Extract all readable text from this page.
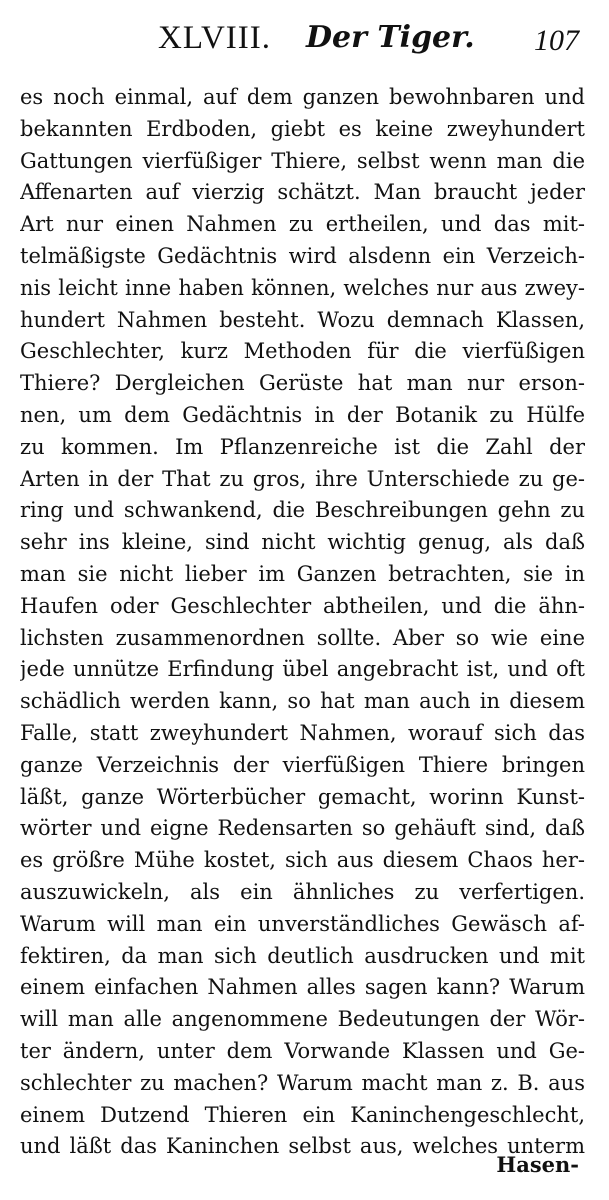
XLVIII. Der Tiger. 107
es noch einmal, auf dem ganzen bewohnbaren und
bekannten Erdboden, giebt es keine zweyhundert
Gattungen vierfüßiger Thiere, selbst wenn man die
Affenarten auf vierzig schätzt. Man braucht jeder
Art nur einen Nahmen zu ertheilen, und das mit-
telmäßigste Gedächtnis wird alsdenn ein Verzeich-
nis leicht inne haben können, welches nur aus zwey-
hundert Nahmen besteht. Wozu demnach Klassen,
Geschlechter, kurz Methoden für die vierfüßigen
Thiere? Dergleichen Gerüste hat man nur erson-
nen, um dem Gedächtnis in der Botanik zu Hülfe
zu kommen. Im Pflanzenreiche ist die Zahl der
Arten in der That zu gros, ihre Unterschiede zu ge-
ring und schwankend, die Beschreibungen gehn zu
sehr ins kleine, sind nicht wichtig genug, als daß
man sie nicht lieber im Ganzen betrachten, sie in
Haufen oder Geschlechter abtheilen, und die ähn-
lichsten zusammenordnen sollte. Aber so wie eine
jede unnütze Erfindung übel angebracht ist, und oft
schädlich werden kann, so hat man auch in diesem
Falle, statt zweyhundert Nahmen, worauf sich das
ganze Verzeichnis der vierfüßigen Thiere bringen
läßt, ganze Wörterbücher gemacht, worinn Kunst-
wörter und eigne Redensarten so gehäuft sind, daß
es größre Mühe kostet, sich aus diesem Chaos her-
auszuwickeln, als ein ähnliches zu verfertigen.
Warum will man ein unverständliches Gewäsch af-
fektiren, da man sich deutlich ausdrucken und mit
einem einfachen Nahmen alles sagen kann? Warum
will man alle angenommene Bedeutungen der Wör-
ter ändern, unter dem Vorwande Klassen und Ge-
schlechter zu machen? Warum macht man z. B. aus
einem Dutzend Thieren ein Kaninchengeschlecht,
und läßt das Kaninchen selbst aus, welches unterm
Hasen-
